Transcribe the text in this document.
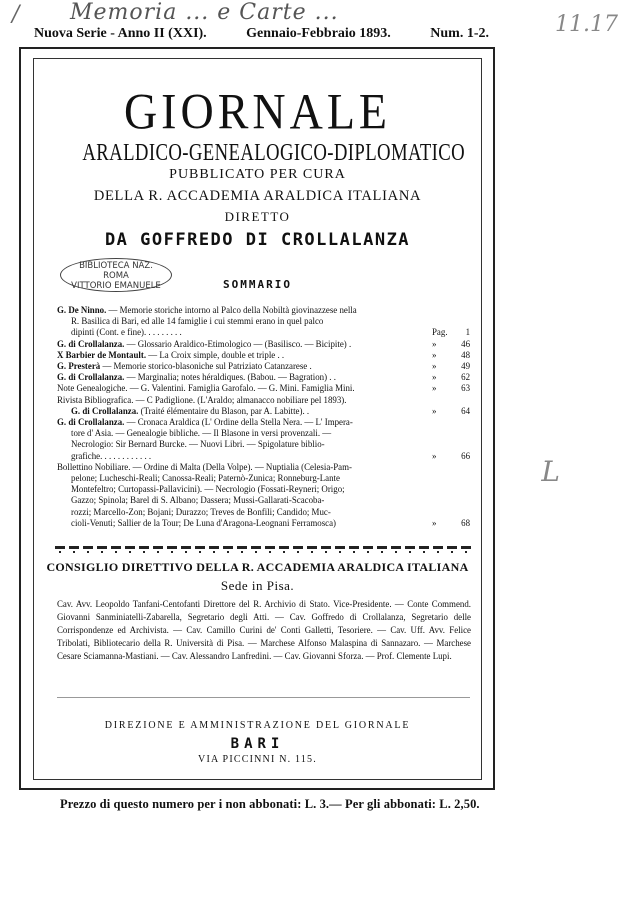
/ Memoria ... e Carte ...	11.17
L
Nuova Serie - Anno II (XXI).	Gennaio-Febbraio 1893.	Num. 1-2.
GIORNALE
ARALDICO-GENEALOGICO-DIPLOMATICO
PUBBLICATO PER CURA
DELLA R. ACCADEMIA ARALDICA ITALIANA
DIRETTO
DA GOFFREDO DI CROLLALANZA
BIBLIOTECA NAZ.
ROMA
VITTORIO EMANUELE	SOMMARIO
G. De Ninno. — Memorie storiche intorno al Palco della Nobiltà giovinazzese nella
R. Basilica di Bari, ed alle 14 famiglie i cui stemmi erano in quel palco
dipinti (Cont. e fine). . . . . . . . .	Pag.	1
G. di Crollalanza. — Glossario Araldico-Etimologico — (Basilisco. — Bicipite) .	»	46
X Barbier de Montault. — La Croix simple, double et triple . .	»	48
G. Presterà — Memorie storico-blasoniche sul Patriziato Catanzarese .	»	49
G. di Crollalanza. — Marginalia; notes héraldiques. (Babou. — Bagration) . .	»	62
Note Genealogiche. — G. Valentini. Famiglia Garofalo. — G. Mini. Famiglia Mini.	»	63
Rivista Bibliografica. — C Padiglione. (L'Araldo; almanacco nobiliare pel 1893).
G. di Crollalanza. (Traité élémentaire du Blason, par A. Labitte). .	»	64
G. di Crollalanza. — Cronaca Araldica (L' Ordine della Stella Nera. — L' Impera-
tore d' Asia. — Genealogie bibliche. — Il Blasone in versi provenzali. —
Necrologio: Sir Bernard Burcke. — Nuovi Libri. — Spigolature biblio-
grafiche. . . . . . . . . . . .	»	66
Bollettino Nobiliare. — Ordine di Malta (Della Volpe). — Nuptialia (Celesia-Pam-
pelone; Lucheschi-Reali; Canossa-Reali; Paternò-Zunica; Ronneburg-Lante
Montefeltro; Curtopassi-Pallavicini). — Necrologio (Fossati-Reyneri; Origo;
Gazzo; Spinola; Barel di S. Albano; Dassera; Mussi-Gallarati-Scacoba-
rozzi; Marcello-Zon; Bojani; Durazzo; Treves de Bonfili; Candido; Muc-
cioli-Venuti; Sallier de la Tour; De Luna d'Aragona-Leognani Ferramosca)	»	68
CONSIGLIO DIRETTIVO DELLA R. ACCADEMIA ARALDICA ITALIANA
Sede in Pisa.
Cav. Avv. Leopoldo Tanfani-Centofanti Direttore del R. Archivio di Stato. Vice-Presidente. — Conte Commend. Giovanni Sanminiatelli-Zabarella, Segretario degli Atti. — Cav. Goffredo di Crollalanza, Segretario delle Corrispondenze ed Archivista. — Cav. Camillo Curini de' Conti Galletti, Tesoriere. — Cav. Uff. Avv. Felice Tribolati, Bibliotecario della R. Università di Pisa. — Marchese Alfonso Malaspina di Sannazaro. — Marchese Cesare Sciamanna-Mastiani. — Cav. Alessandro Lanfredini. — Cav. Giovanni Sforza. — Prof. Clemente Lupi.
DIREZIONE E AMMINISTRAZIONE DEL GIORNALE
BARI
VIA PICCINNI N. 115.
Prezzo di questo numero per i non abbonati: L. 3.— Per gli abbonati: L. 2,50.
